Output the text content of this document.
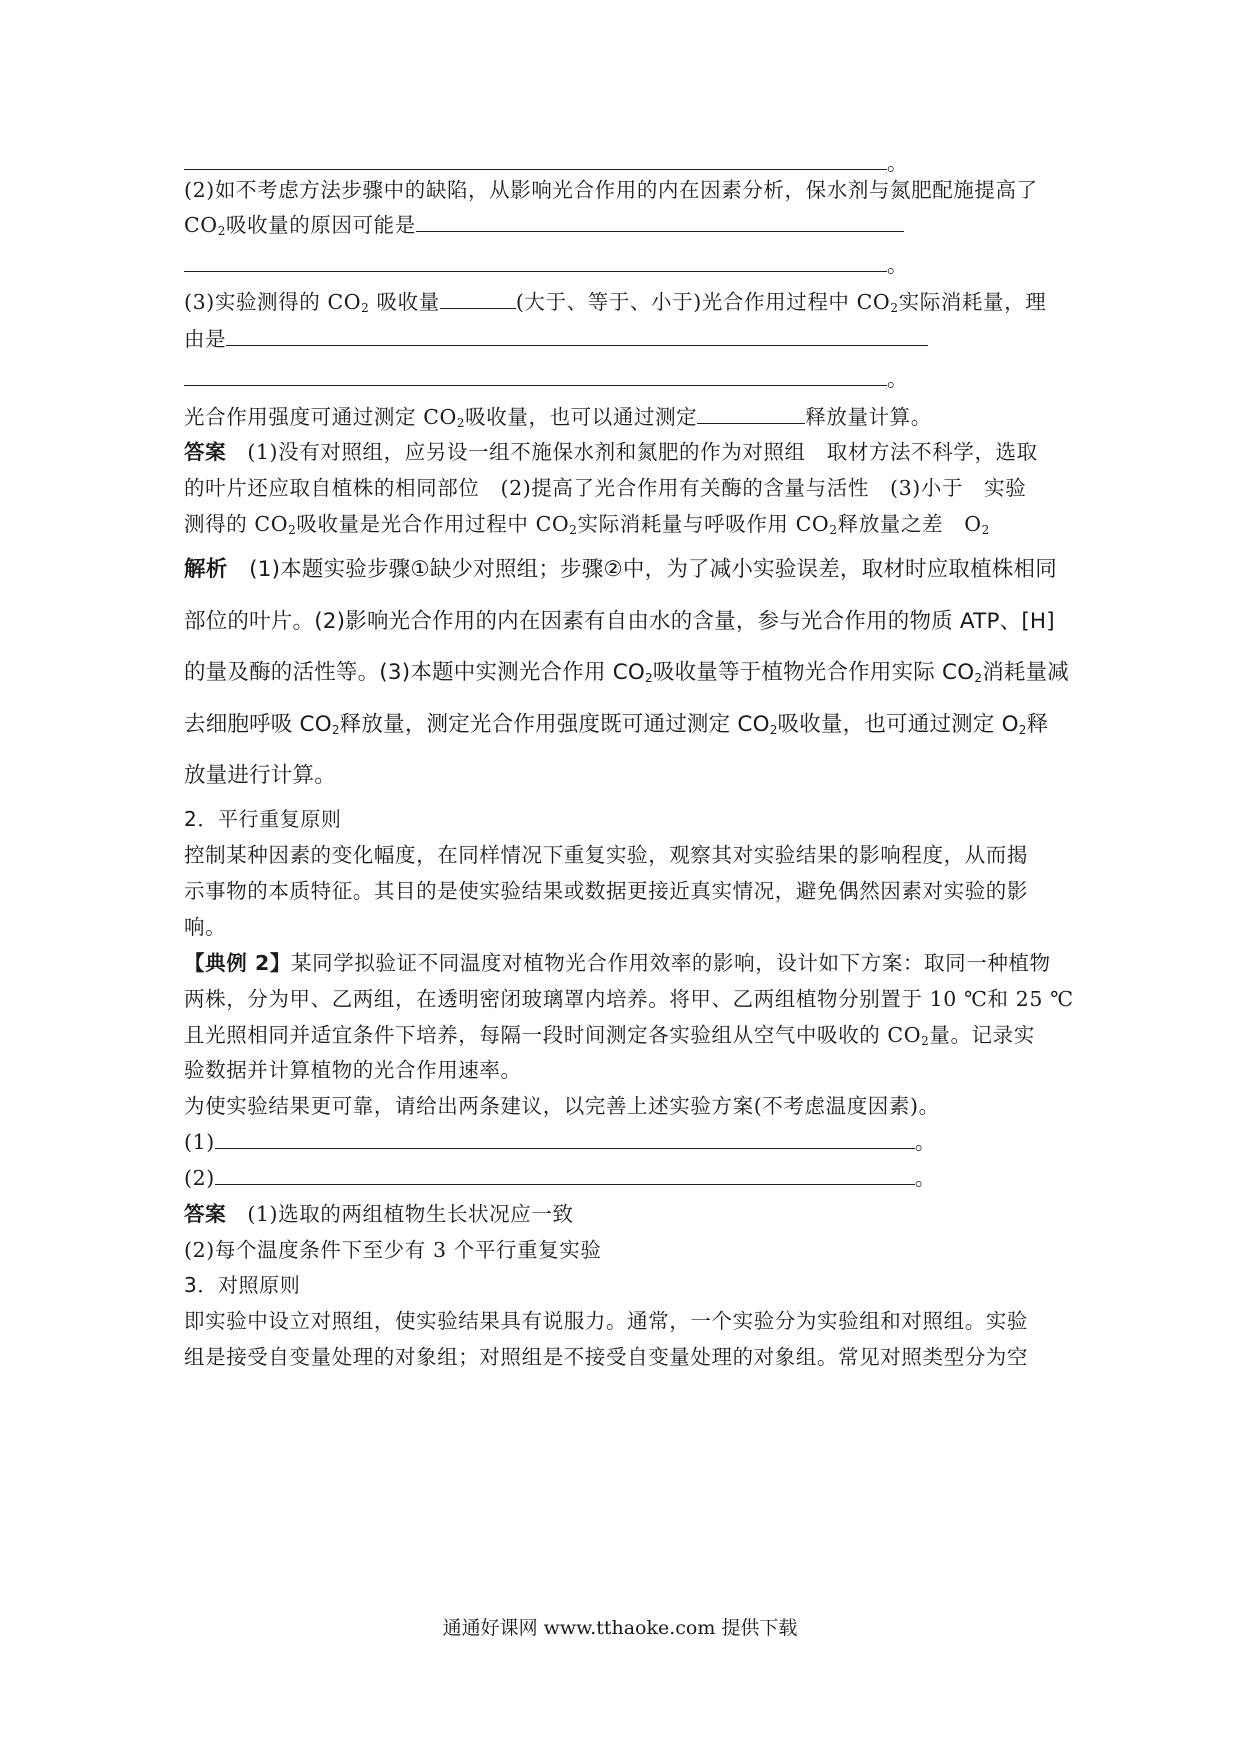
。
(2)如不考虑方法步骤中的缺陷，从影响光合作用的内在因素分析，保水剂与氮肥配施提高了
$CO_2$吸收量的原因可能是
。
(3)实验测得的 $CO_2$ 吸收量	(大于、等于、小于)光合作用过程中 $CO_2$实际消耗量，理
由是
。
光合作用强度可通过测定 $CO_2$吸收量，也可以通过测定	释放量计算。
答案　 (1)没有对照组，应另设一组不施保水剂和氮肥的作为对照组　取材方法不科学，选取
的叶片还应取自植株的相同部位　(2)提高了光合作用有关酶的含量与活性　(3)小于　实验
测得的 $CO_2$吸收量是光合作用过程中 $CO_2$实际消耗量与呼吸作用 $CO_2$释放量之差　$O_2$
解析　 (1)本题实验步骤①缺少对照组；步骤②中，为了减小实验误差，取材时应取植株相同
部位的叶片。(2)影响光合作用的内在因素有自由水的含量，参与光合作用的物质 ATP、[H]
的量及酶的活性等。(3)本题中实测光合作用 $CO_2$吸收量等于植物光合作用实际 $CO_2$消耗量减
去细胞呼吸 $CO_2$释放量，测定光合作用强度既可通过测定 $CO_2$吸收量，也可通过测定 $O_2$释
放量进行计算。
2．平行重复原则
控制某种因素的变化幅度，在同样情况下重复实验，观察其对实验结果的影响程度，从而揭
示事物的本质特征。其目的是使实验结果或数据更接近真实情况，避免偶然因素对实验的影
响。
【典例 2】某同学拟验证不同温度对植物光合作用效率的影响，设计如下方案：取同一种植物
两株，分为甲、乙两组，在透明密闭玻璃罩内培养。将甲、乙两组植物分别置于 10 ℃和 25 ℃
且光照相同并适宜条件下培养，每隔一段时间测定各实验组从空气中吸收的 $CO_2$量。记录实
验数据并计算植物的光合作用速率。
为使实验结果更可靠，请给出两条建议，以完善上述实验方案(不考虑温度因素)。
(1)	。
(2)	。
答案　 (1)选取的两组植物生长状况应一致
(2)每个温度条件下至少有 3 个平行重复实验
3．对照原则
即实验中设立对照组，使实验结果具有说服力。通常，一个实验分为实验组和对照组。实验
组是接受自变量处理的对象组；对照组是不接受自变量处理的对象组。常见对照类型分为空
通通好课网 www.tthaoke.com 提供下载
